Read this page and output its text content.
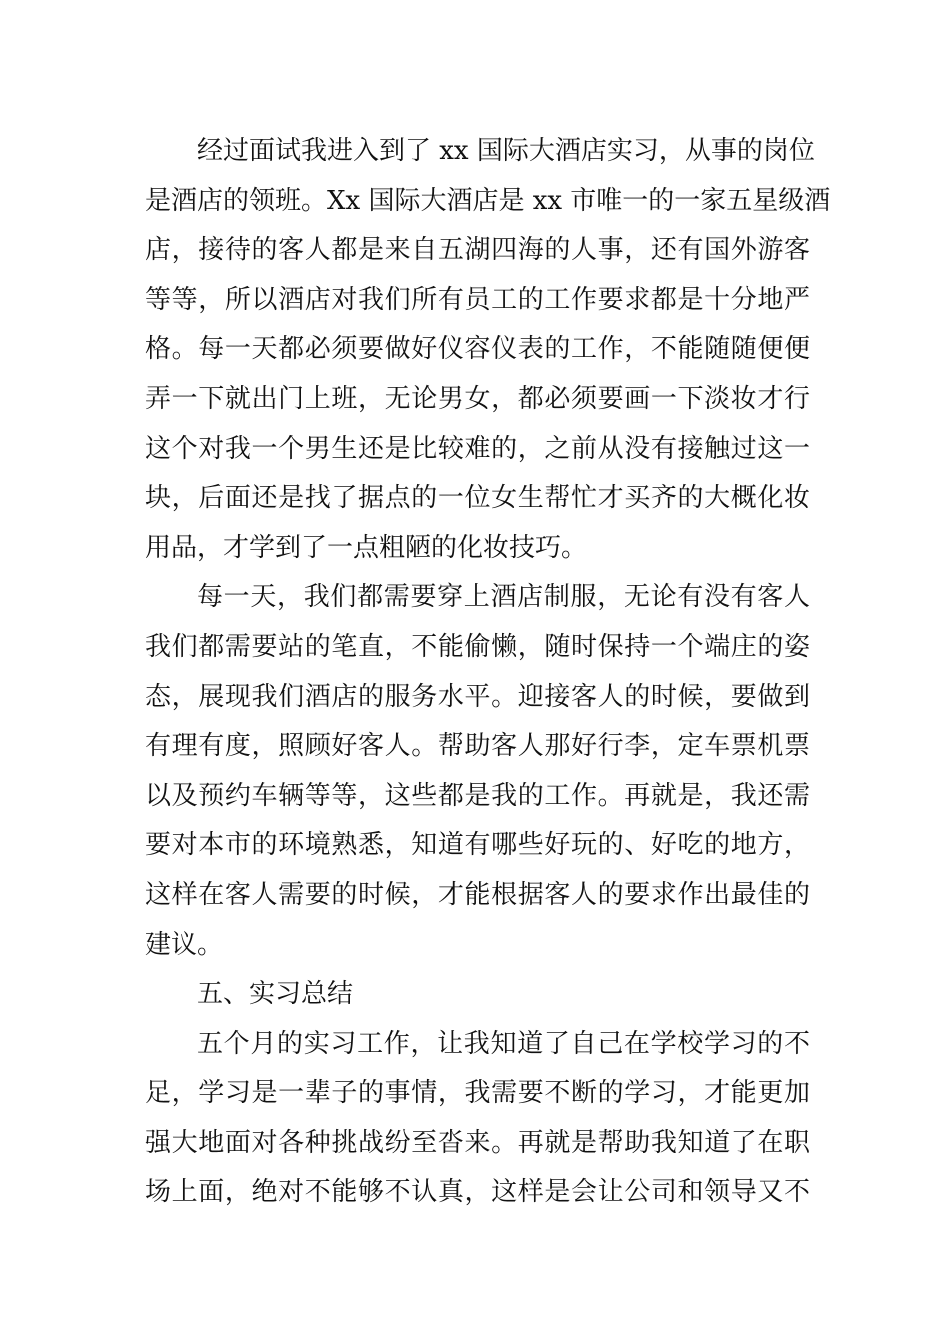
经过面试我进入到了 xx 国际大酒店实习，从事的岗位
是酒店的领班。Xx 国际大酒店是 xx 市唯一的一家五星级酒
店，接待的客人都是来自五湖四海的人事，还有国外游客
等等，所以酒店对我们所有员工的工作要求都是十分地严
格。每一天都必须要做好仪容仪表的工作，不能随随便便
弄一下就出门上班，无论男女，都必须要画一下淡妆才行
这个对我一个男生还是比较难的，之前从没有接触过这一
块，后面还是找了据点的一位女生帮忙才买齐的大概化妆
用品，才学到了一点粗陋的化妆技巧。
每一天，我们都需要穿上酒店制服，无论有没有客人
我们都需要站的笔直，不能偷懒，随时保持一个端庄的姿
态，展现我们酒店的服务水平。迎接客人的时候，要做到
有理有度，照顾好客人。帮助客人那好行李，定车票机票
以及预约车辆等等，这些都是我的工作。再就是，我还需
要对本市的环境熟悉，知道有哪些好玩的、好吃的地方，
这样在客人需要的时候，才能根据客人的要求作出最佳的
建议。
五、实习总结
五个月的实习工作，让我知道了自己在学校学习的不
足，学习是一辈子的事情，我需要不断的学习，才能更加
强大地面对各种挑战纷至沓来。再就是帮助我知道了在职
场上面，绝对不能够不认真，这样是会让公司和领导又不
